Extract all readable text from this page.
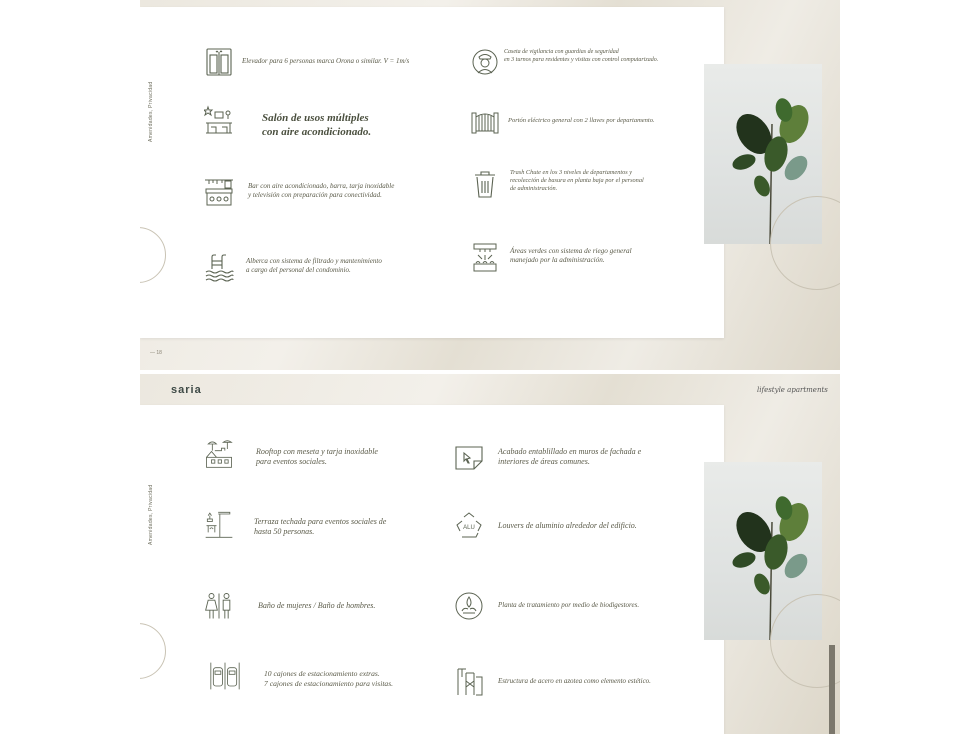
Amenidades, Privacidad
Elevador para 6 personas marca Orona o similar. V = 1m/s
Salón de usos múltiples
con aire acondicionado.
Bar con aire acondicionado, barra, tarja inoxidable
y televisión con preparación para conectividad.
Alberca con sistema de filtrado y mantenimiento
a cargo del personal del condominio.
Caseta de vigilancia con guardias de seguridad
en 3 turnos para residentes y visitas con control computarizado.
Portón eléctrico general con 2 llaves por departamento.
Trash Chute en los 3 niveles de departamentos y
recolección de basura en planta baja por el personal
de administración.
Áreas verdes con sistema de riego general
manejado por la administración.
— 18
saria	lifestyle apartments
Amenidades, Privacidad
Rooftop con meseta y tarja inoxidable
para eventos sociales.
Terraza techada para eventos sociales de
hasta 50 personas.
Baño de mujeres / Baño de hombres.
10 cajones de estacionamiento extras.
7 cajones de estacionamiento para visitas.
Acabado entablillado en muros de fachada e
interiores de áreas comunes.
ALU	Louvers de aluminio alrededor del edificio.
Planta de tratamiento por medio de biodigestores.
Estructura de acero en azotea como elemento estético.
